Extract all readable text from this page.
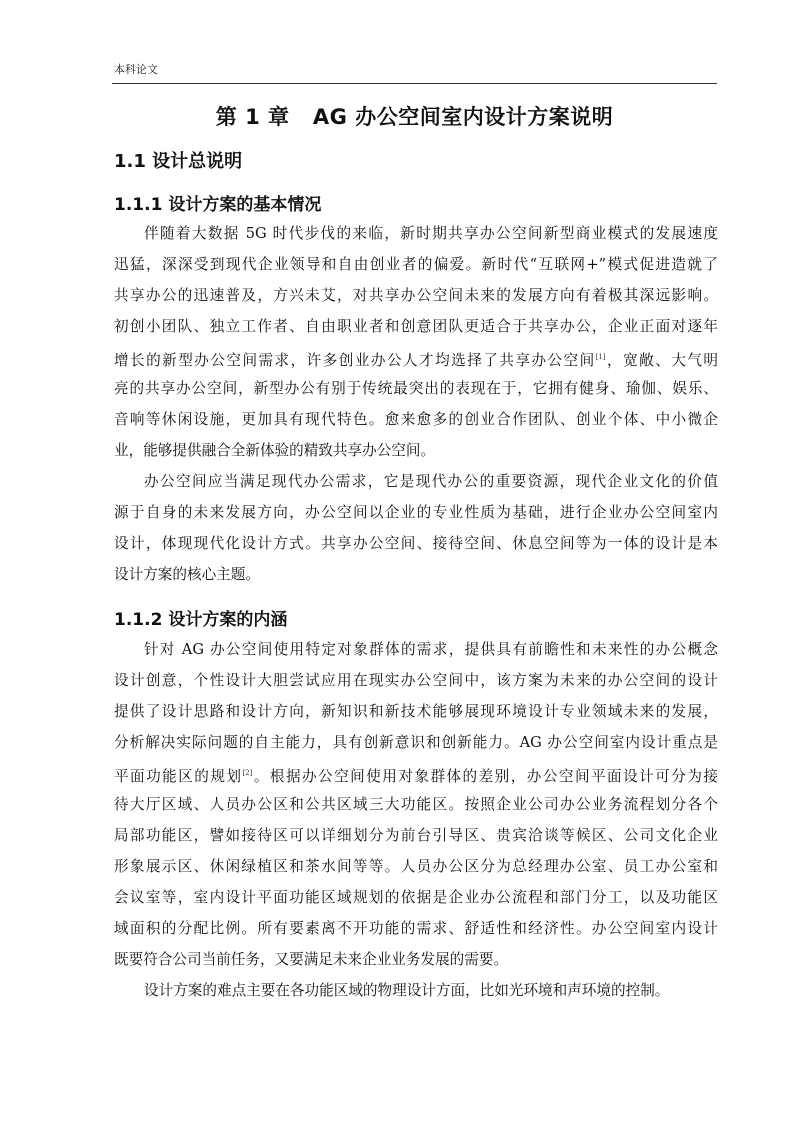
本科论文
第 1 章   AG 办公空间室内设计方案说明
1.1 设计总说明
1.1.1 设计方案的基本情况
伴随着大数据 5G 时代步伐的来临，新时期共享办公空间新型商业模式的发展速度
迅猛，深深受到现代企业领导和自由创业者的偏爱。新时代“互联网+”模式促进造就了
共享办公的迅速普及，方兴未艾，对共享办公空间未来的发展方向有着极其深远影响。
初创小团队、独立工作者、自由职业者和创意团队更适合于共享办公，企业正面对逐年
增长的新型办公空间需求，许多创业办公人才均选择了共享办公空间[1]，宽敞、大气明
亮的共享办公空间，新型办公有别于传统最突出的表现在于，它拥有健身、瑜伽、娱乐、
音响等休闲设施，更加具有现代特色。愈来愈多的创业合作团队、创业个体、中小微企
业，能够提供融合全新体验的精致共享办公空间。
办公空间应当满足现代办公需求，它是现代办公的重要资源，现代企业文化的价值
源于自身的未来发展方向，办公空间以企业的专业性质为基础，进行企业办公空间室内
设计，体现现代化设计方式。共享办公空间、接待空间、休息空间等为一体的设计是本
设计方案的核心主题。
1.1.2 设计方案的内涵
针对 AG 办公空间使用特定对象群体的需求，提供具有前瞻性和未来性的办公概念
设计创意，个性设计大胆尝试应用在现实办公空间中，该方案为未来的办公空间的设计
提供了设计思路和设计方向，新知识和新技术能够展现环境设计专业领域未来的发展，
分析解决实际问题的自主能力，具有创新意识和创新能力。AG 办公空间室内设计重点是
平面功能区的规划[2]。根据办公空间使用对象群体的差别，办公空间平面设计可分为接
待大厅区域、人员办公区和公共区域三大功能区。按照企业公司办公业务流程划分各个
局部功能区，譬如接待区可以详细划分为前台引导区、贵宾洽谈等候区、公司文化企业
形象展示区、休闲绿植区和茶水间等等。人员办公区分为总经理办公室、员工办公室和
会议室等，室内设计平面功能区域规划的依据是企业办公流程和部门分工，以及功能区
域面积的分配比例。所有要素离不开功能的需求、舒适性和经济性。办公空间室内设计
既要符合公司当前任务，又要满足未来企业业务发展的需要。
设计方案的难点主要在各功能区域的物理设计方面，比如光环境和声环境的控制。
